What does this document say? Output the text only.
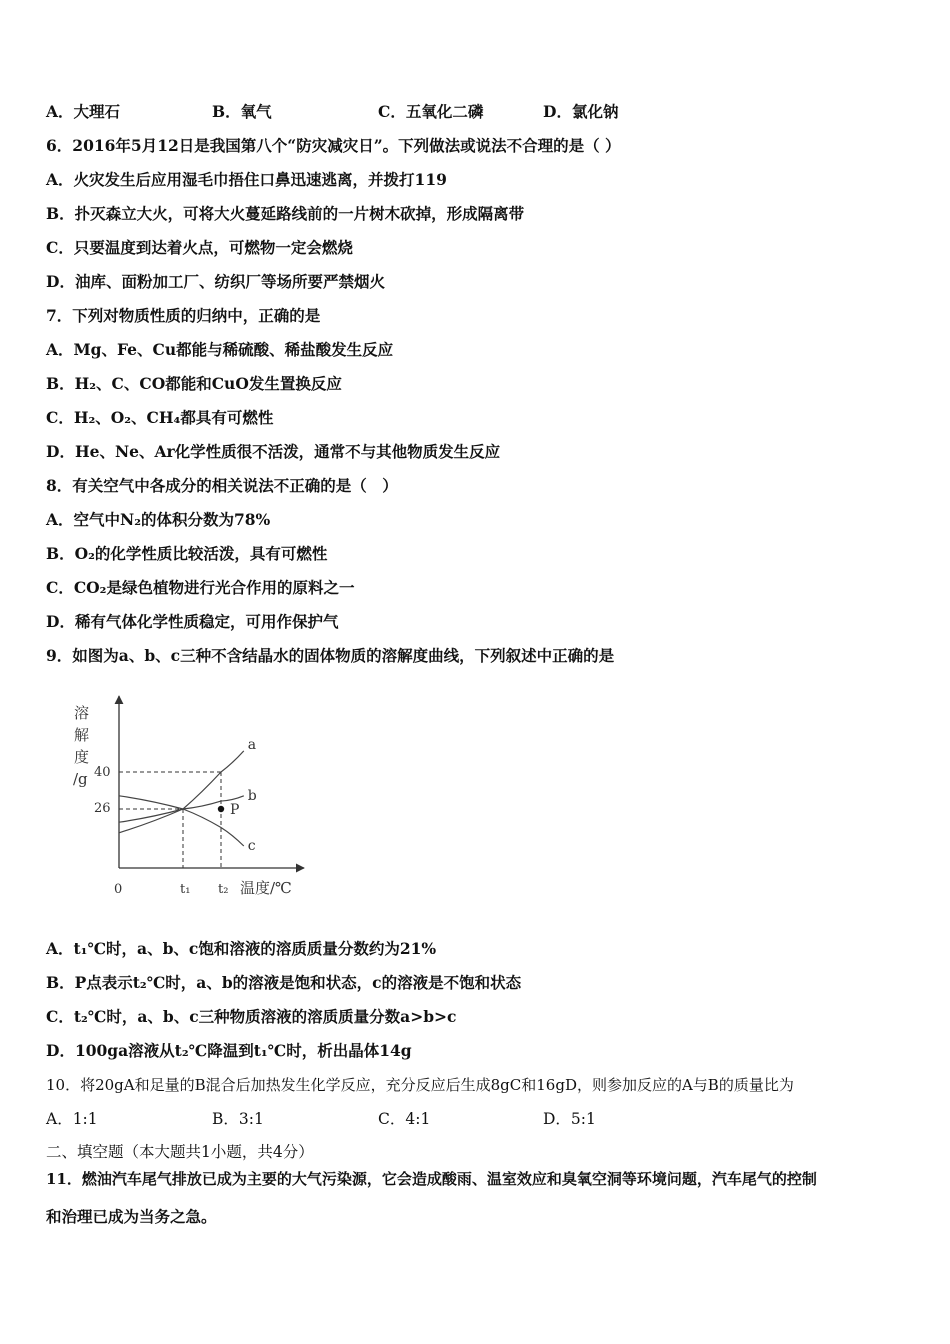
A．大理石	B．氧气	C．五氧化二磷	D．氯化钠
6．2016年5月12日是我国第八个“防灾减灾日”。下列做法或说法不合理的是（ ）
A．火灾发生后应用湿毛巾捂住口鼻迅速逃离，并拨打119
B．扑灭森立大火，可将大火蔓延路线前的一片树木砍掉，形成隔离带
C．只要温度到达着火点，可燃物一定会燃烧
D．油库、面粉加工厂、纺织厂等场所要严禁烟火
7．下列对物质性质的归纳中，正确的是
A．Mg、Fe、Cu都能与稀硫酸、稀盐酸发生反应
B．H₂、C、CO都能和CuO发生置换反应
C．H₂、O₂、CH₄都具有可燃性
D．He、Ne、Ar化学性质很不活泼，通常不与其他物质发生反应
8．有关空气中各成分的相关说法不正确的是（　）
A．空气中N₂的体积分数为78%
B．O₂的化学性质比较活泼，具有可燃性
C．CO₂是绿色植物进行光合作用的原料之一
D．稀有气体化学性质稳定，可用作保护气
9．如图为a、b、c三种不含结晶水的固体物质的溶解度曲线，下列叙述中正确的是
溶
解
度
/g
0
26
40
t₁ t₂ 温度/℃
a
b
c
P
A．t₁℃时，a、b、c饱和溶液的溶质质量分数约为21%
B．P点表示t₂℃时，a、b的溶液是饱和状态，c的溶液是不饱和状态
C．t₂℃时，a、b、c三种物质溶液的溶质质量分数a>b>c
D．100ga溶液从t₂℃降温到t₁℃时，析出晶体14g
10．将20gA和足量的B混合后加热发生化学反应，充分反应后生成8gC和16gD，则参加反应的A与B的质量比为
A．1:1	B．3:1	C．4:1	D．5:1
二、填空题（本大题共1小题，共4分）
11．燃油汽车尾气排放已成为主要的大气污染源，它会造成酸雨、温室效应和臭氧空洞等环境问题，汽车尾气的控制
和治理已成为当务之急。
